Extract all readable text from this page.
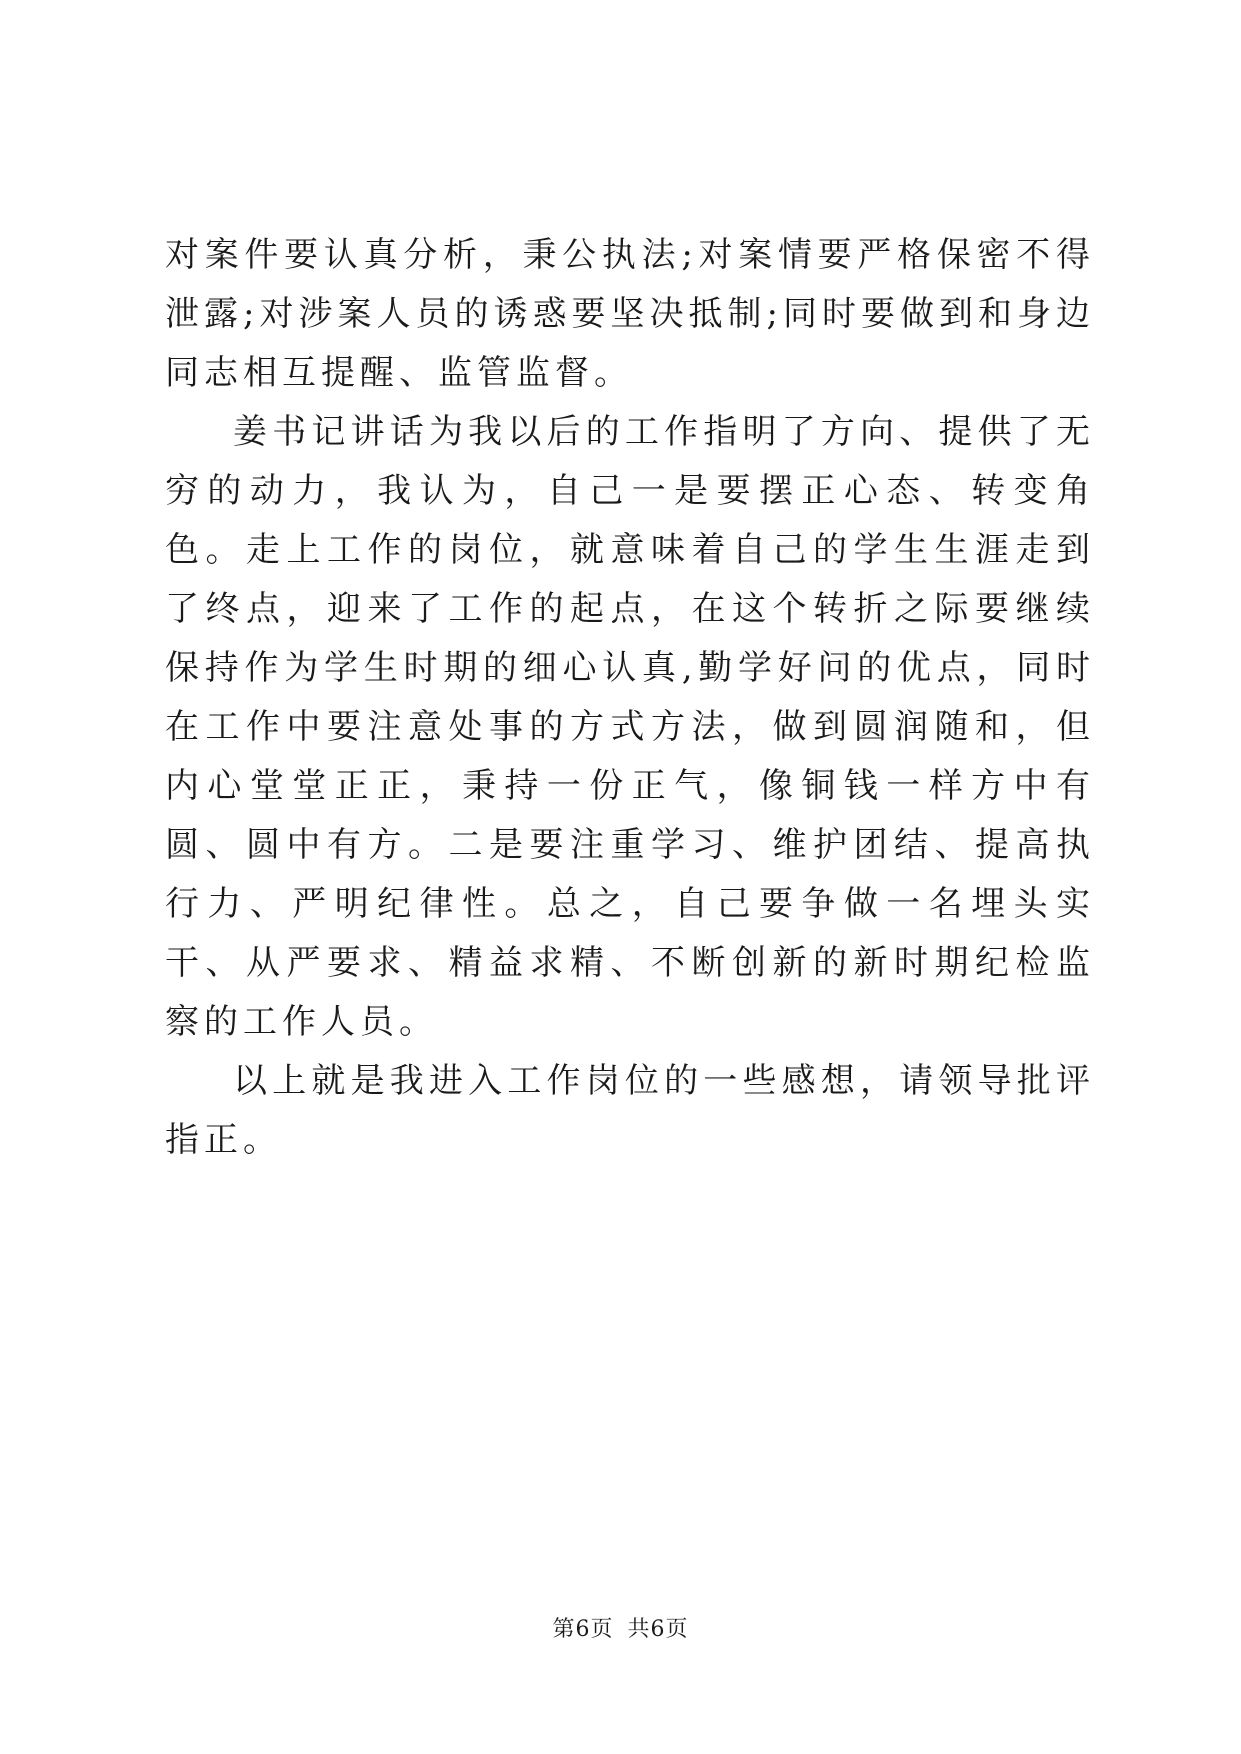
对案件要认真分析，秉公执法;对案情要严格保密不得泄露;对涉案人员的诱惑要坚决抵制;同时要做到和身边同志相互提醒、监管监督。

姜书记讲话为我以后的工作指明了方向、提供了无穷的动力，我认为，自己一是要摆正心态、转变角色。走上工作的岗位，就意味着自己的学生生涯走到了终点，迎来了工作的起点，在这个转折之际要继续保持作为学生时期的细心认真,勤学好问的优点，同时在工作中要注意处事的方式方法，做到圆润随和，但内心堂堂正正，秉持一份正气，像铜钱一样方中有圆、圆中有方。二是要注重学习、维护团结、提高执行力、严明纪律性。总之，自己要争做一名埋头实干、从严要求、精益求精、不断创新的新时期纪检监察的工作人员。

以上就是我进入工作岗位的一些感想，请领导批评指正。

第6页 共6页
